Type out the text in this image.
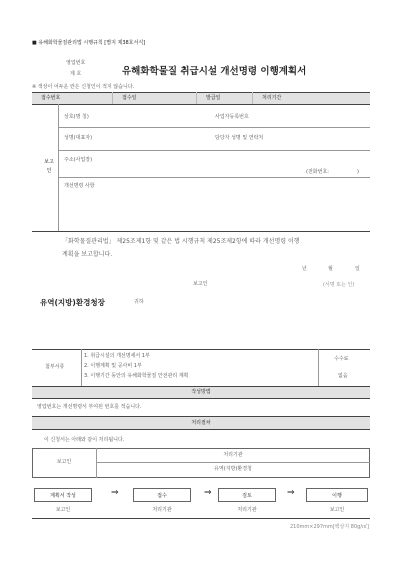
■ 유해화학물질관리법 시행규칙 [별지 제38호서식]
영업번호
제 호	유해화학물질 취급시설 개선명령 이행계획서
※ 색상이 어두운 란은 신청인이 적지 않습니다.
접수번호	접수일	발급일	처리기간
보고인
상호(명 칭)	사업자등록번호
성명(대표자)	담당자 성명 및 연락처
주소(사업장)
(전화번호:	)
개선명령 사항
「화학물질관리법」 제25조제1항 및 같은 법 시행규칙 제25조제2항에 따라 개선명령 이행
계획을 보고합니다.
년	월	일
보고인	(서명 또는 인)
유역(지방)환경청장	귀하
첨부서류
1. 취급시설의 개선명세서 1부
2. 이행계획 및 공사비 1부
3. 이행기간 동안의 유해화학물질 안전관리 계획
수수료
없음
작성방법
영업번호는 개선명령서 부여된 번호를 적습니다.
처리절차
이 신청서는 아래와 같이 처리됩니다.
보고인
처리기관
유역(지방)환경청
계획서 작성	⇒	접수	⇒	검토	⇒	이행
보고인	처리기관	처리기관	보고인
210mm×297mm[백상지 80g/㎡]
